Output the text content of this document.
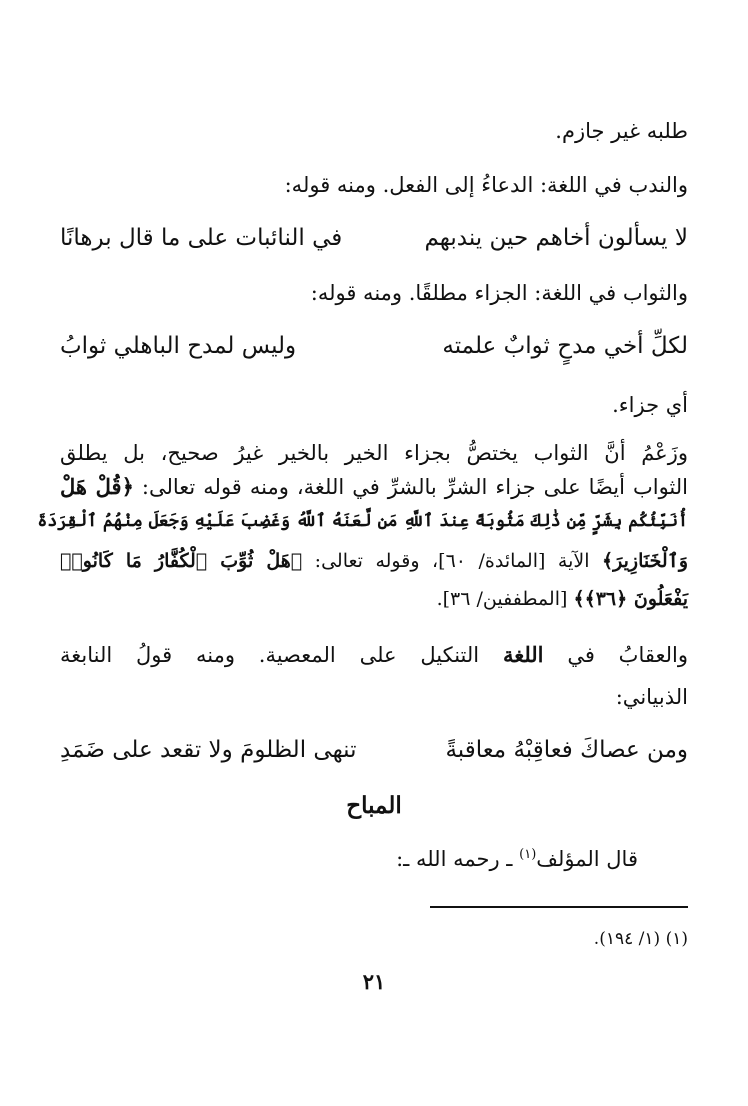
طلبه غير جازم.
والندب في اللغة: الدعاءُ إلى الفعل. ومنه قوله:
لا يسألون أخاهم حين يندبهم
في النائبات على ما قال برهانًا
والثواب في اللغة: الجزاء مطلقًا. ومنه قوله:
لكلِّ أخي مدحٍ ثوابٌ علمته
وليس لمدح الباهلي ثوابُ
أي جزاء.
وزَعْمُ أنَّ الثواب يختصُّ بجزاء الخير بالخير غيرُ صحيح، بل يطلق
الثواب أيضًا على جزاء الشرِّ بالشرِّ في اللغة، ومنه قوله تعالى: ﴿قُلْ هَلْ
أُنَبِّئُكُم بِشَرٍّ مِّن ذَٰلِكَ مَثُوبَةً عِندَ ٱللَّهِ مَن لَّعَنَهُ ٱللَّهُ وَغَضِبَ عَلَيْهِ وَجَعَلَ مِنْهُمُ ٱلْقِرَدَةَ
وَٱلْخَنَازِيرَ﴾ الآية [المائدة/ ٦٠]، وقوله تعالى: ﴿هَلْ ثُوِّبَ ٱلْكُفَّارُ مَا كَانُوا۟
يَفْعَلُونَ ﴿٣٦﴾﴾ [المطففين/ ٣٦].
والعقابُ في اللغة التنكيل على المعصية. ومنه قولُ النابغة
الذبياني:
ومن عصاكَ فعاقِبْهُ معاقبةً
تنهى الظلومَ ولا تقعد على ضَمَدِ
المباح
قال المؤلف$^{(١)}$ ـ رحمه الله ـ:
(١) (١/ ١٩٤).
٢١
